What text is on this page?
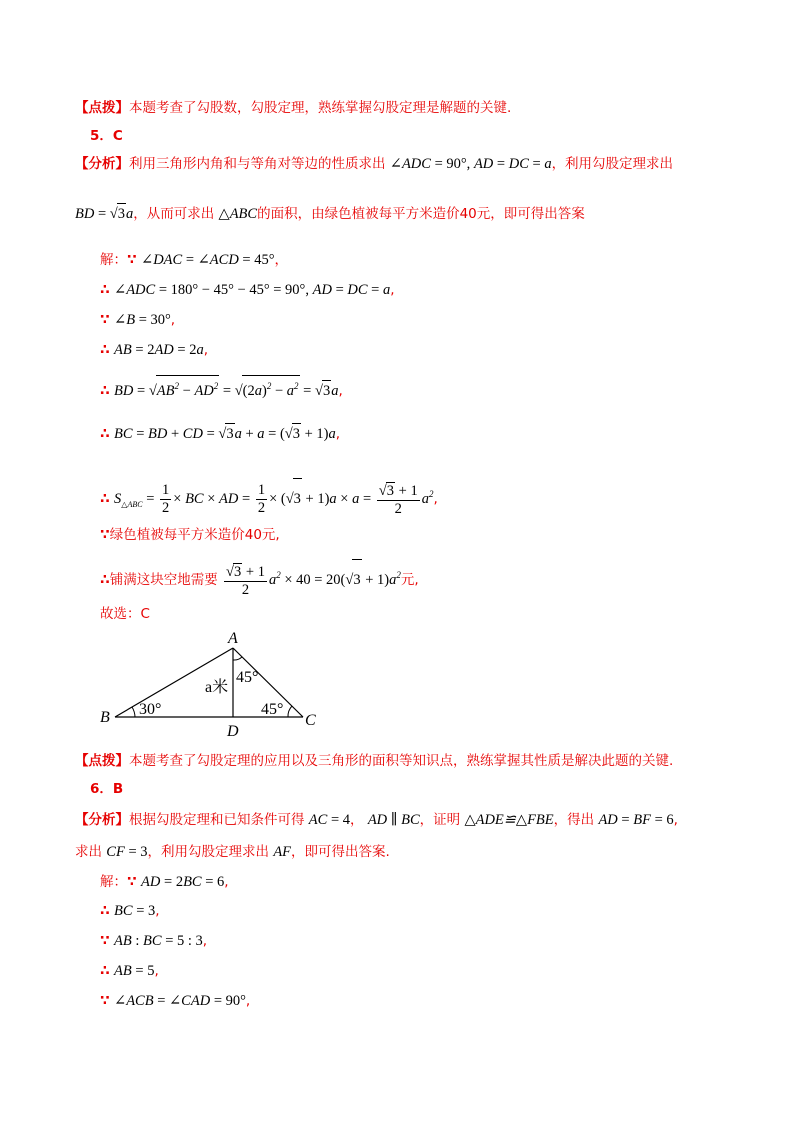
【点拨】本题考查了勾股数，勾股定理，熟练掌握勾股定理是解题的关键.
5．C
【分析】利用三角形内角和与等角对等边的性质求出 ∠ADC = 90°, AD = DC = a，利用勾股定理求出
BD = √3a，从而可求出 △ABC的面积，由绿色植被每平方米造价40元，即可得出答案
解：∵ ∠DAC = ∠ACD = 45°，
∴ ∠ADC = 180° − 45° − 45° = 90°, AD = DC = a,
∵ ∠B = 30°,
∴ AB = 2AD = 2a,
∴ BD = $√AB^2 - AD^2 = √(2a)^2 - a^2 = √3a$,
∴ BC = BD + CD = √3a + a = (√3 + 1)a,
∴ $S_{\triangle ABC} = \frac{1}{2}$ × BC × AD = $\frac{1}{2} \times (√3 + 1)a \times a = \frac{√3 + 1}{2} a^2$,
∵绿色植被每平方米造价40元,
∴铺满这块空地需要 $\frac{√3 + 1}{2} a^2 \times 40 = 20(√3 + 1)a^2$元,
故选：C
A
B	C
D
30°	45°
45°
a米
【点拨】本题考查了勾股定理的应用以及三角形的面积等知识点，熟练掌握其性质是解决此题的关键.
6．B
【分析】根据勾股定理和已知条件可得 AC = 4， AD ∥ BC，证明 △ADE≌△FBE，得出 AD = BF = 6,
求出 CF = 3，利用勾股定理求出 AF，即可得出答案.
解：∵ AD = 2BC = 6,
∴ BC = 3,
∵ AB : BC = 5 : 3,
∴ AB = 5,
∵ ∠ACB = ∠CAD = 90°,
